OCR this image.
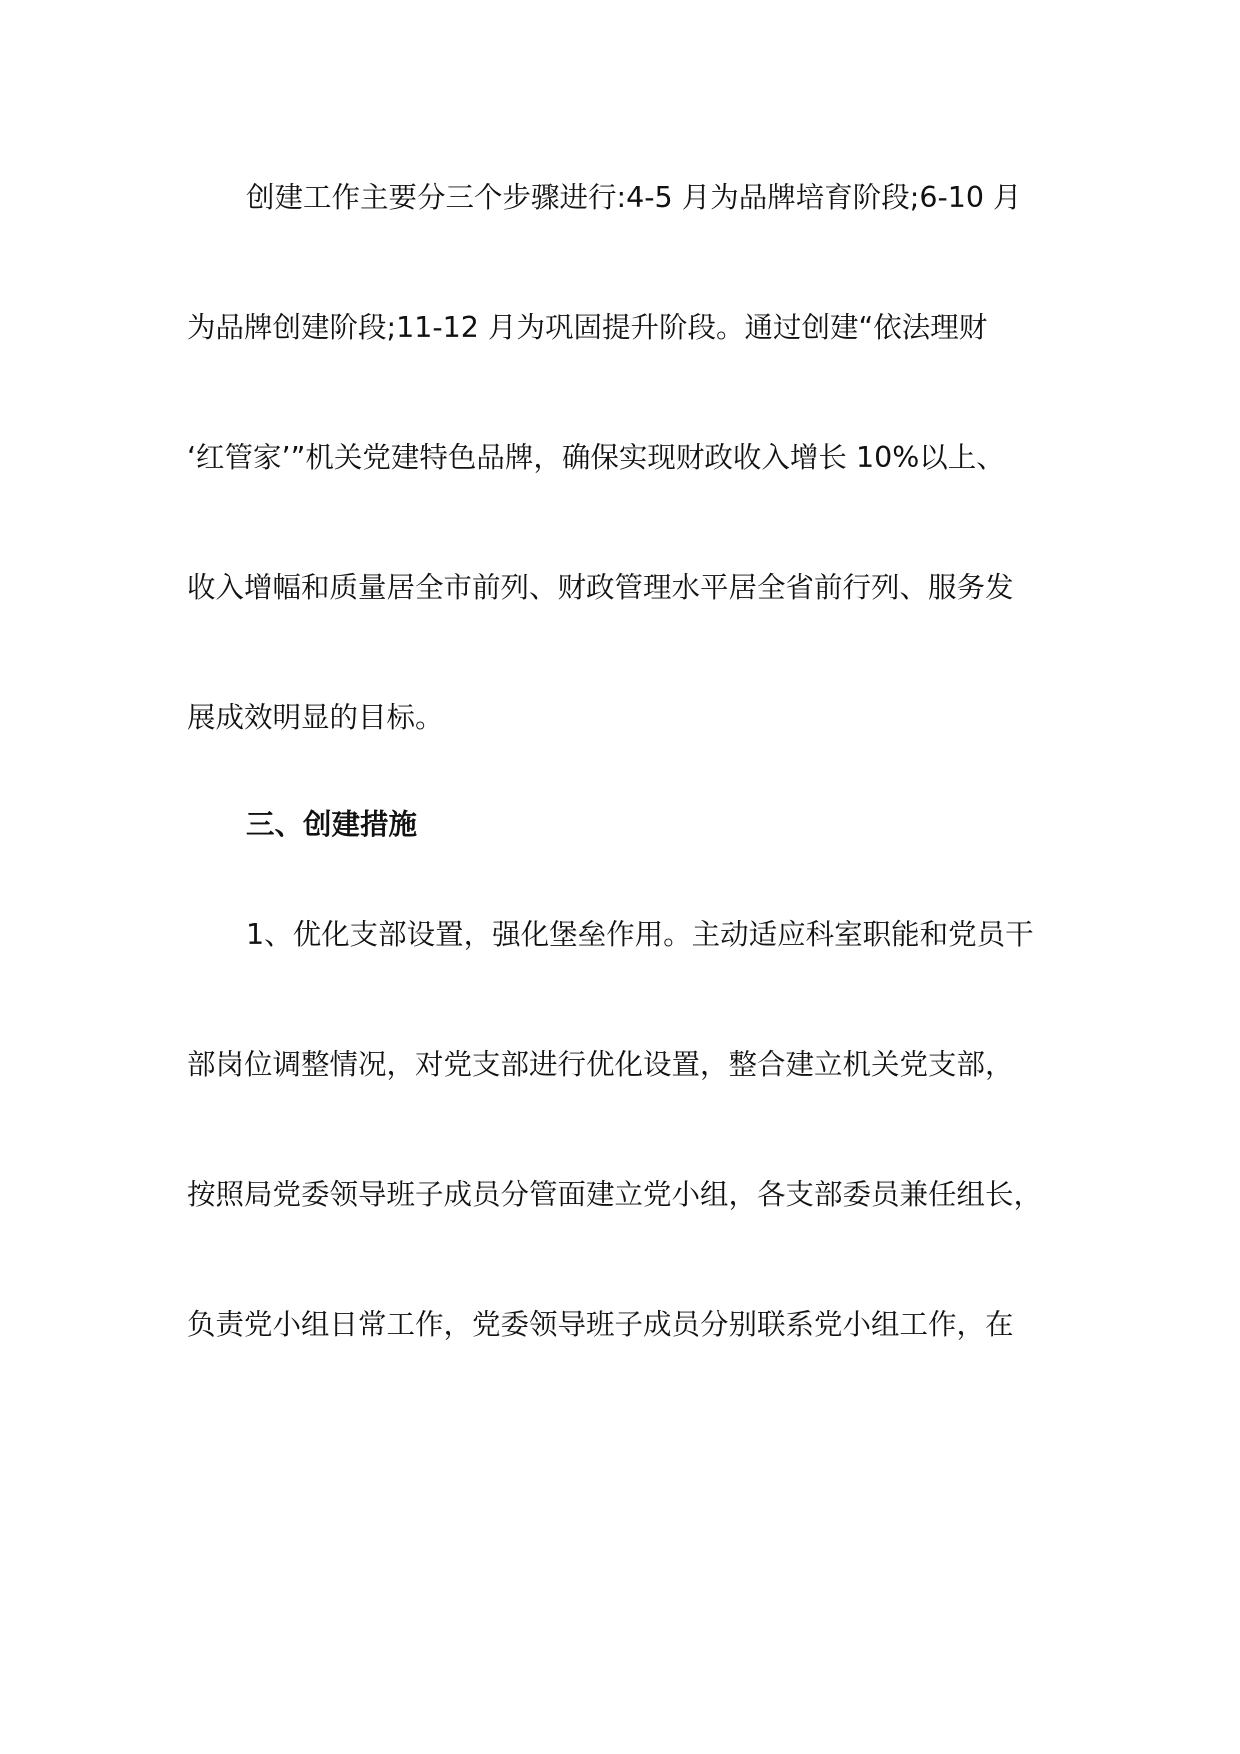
创建工作主要分三个步骤进行:4-5 月为品牌培育阶段;6-10 月

为品牌创建阶段;11-12 月为巩固提升阶段。通过创建“依法理财

‘红管家’”机关党建特色品牌，确保实现财政收入增长 10%以上、

收入增幅和质量居全市前列、财政管理水平居全省前行列、服务发

展成效明显的目标。

三、创建措施

1、优化支部设置，强化堡垒作用。主动适应科室职能和党员干

部岗位调整情况，对党支部进行优化设置，整合建立机关党支部，

按照局党委领导班子成员分管面建立党小组，各支部委员兼任组长，

负责党小组日常工作，党委领导班子成员分别联系党小组工作，在
